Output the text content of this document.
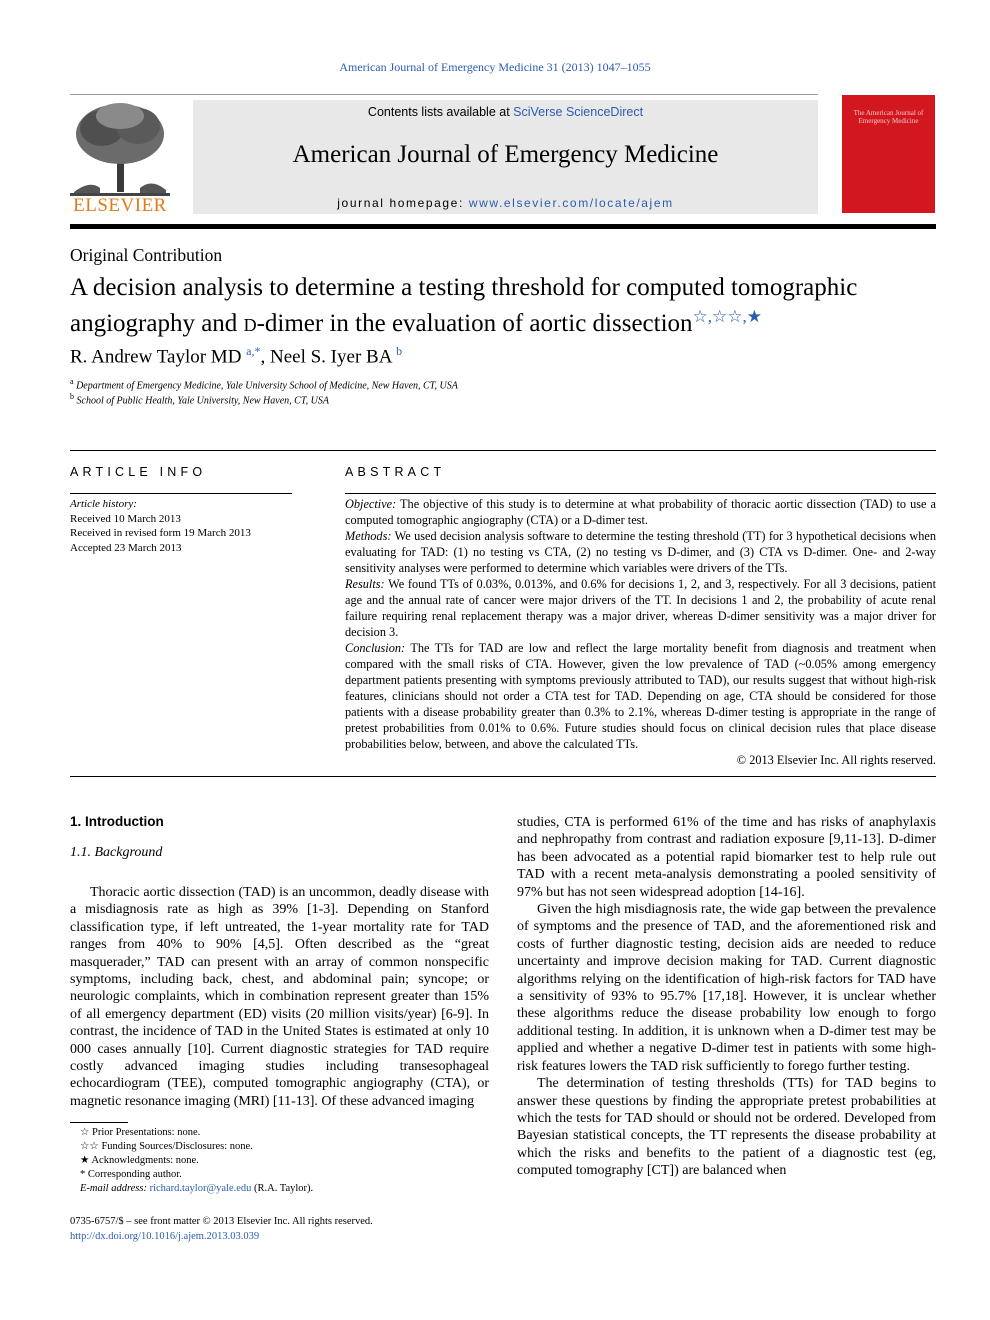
American Journal of Emergency Medicine 31 (2013) 1047–1055
ELSEVIER
Contents lists available at SciVerse ScienceDirect
American Journal of Emergency Medicine
journal homepage: www.elsevier.com/locate/ajem
The American Journal of Emergency Medicine
Original Contribution
A decision analysis to determine a testing threshold for computed tomographic
angiography and d-dimer in the evaluation of aortic dissection☆,☆☆,★
R. Andrew Taylor MD $^{a,*}$, Neel S. Iyer BA $^b$
$^a$ Department of Emergency Medicine, Yale University School of Medicine, New Haven, CT, USA
$^b$ School of Public Health, Yale University, New Haven, CT, USA
ARTICLE INFO	ABSTRACT
Article history:
Received 10 March 2013
Received in revised form 19 March 2013
Accepted 23 March 2013

Objective: The objective of this study is to determine at what probability of thoracic aortic dissection (TAD) to use a computed tomographic angiography (CTA) or a D-dimer test.

Methods: We used decision analysis software to determine the testing threshold (TT) for 3 hypothetical decisions when evaluating for TAD: (1) no testing vs CTA, (2) no testing vs D-dimer, and (3) CTA vs D-dimer. One- and 2-way sensitivity analyses were performed to determine which variables were drivers of the TTs.

Results: We found TTs of 0.03%, 0.013%, and 0.6% for decisions 1, 2, and 3, respectively. For all 3 decisions, patient age and the annual rate of cancer were major drivers of the TT. In decisions 1 and 2, the probability of acute renal failure requiring renal replacement therapy was a major driver, whereas D-dimer sensitivity was a major driver for decision 3.

Conclusion: The TTs for TAD are low and reflect the large mortality benefit from diagnosis and treatment when compared with the small risks of CTA. However, given the low prevalence of TAD (~0.05% among emergency department patients presenting with symptoms previously attributed to TAD), our results suggest that without high-risk features, clinicians should not order a CTA test for TAD. Depending on age, CTA should be considered for those patients with a disease probability greater than 0.3% to 2.1%, whereas D-dimer testing is appropriate in the range of pretest probabilities from 0.01% to 0.6%. Future studies should focus on clinical decision rules that place disease probabilities below, between, and above the calculated TTs.

© 2013 Elsevier Inc. All rights reserved.

1. Introduction
1.1. Background

Thoracic aortic dissection (TAD) is an uncommon, deadly disease with a misdiagnosis rate as high as 39% [1-3]. Depending on Stanford classification type, if left untreated, the 1-year mortality rate for TAD ranges from 40% to 90% [4,5]. Often described as the “great masquerader,” TAD can present with an array of common nonspecific symptoms, including back, chest, and abdominal pain; syncope; or neurologic complaints, which in combination represent greater than 15% of all emergency department (ED) visits (20 million visits/year) [6-9]. In contrast, the incidence of TAD in the United States is estimated at only 10 000 cases annually [10]. Current diagnostic strategies for TAD require costly advanced imaging studies including transesophageal echocardiogram (TEE), computed tomographic angiography (CTA), or magnetic resonance imaging (MRI) [11-13]. Of these advanced imaging

studies, CTA is performed 61% of the time and has risks of anaphylaxis and nephropathy from contrast and radiation exposure [9,11-13]. D-dimer has been advocated as a potential rapid biomarker test to help rule out TAD with a recent meta-analysis demonstrating a pooled sensitivity of 97% but has not seen widespread adoption [14-16].

Given the high misdiagnosis rate, the wide gap between the prevalence of symptoms and the presence of TAD, and the aforementioned risk and costs of further diagnostic testing, decision aids are needed to reduce uncertainty and improve decision making for TAD. Current diagnostic algorithms relying on the identification of high-risk factors for TAD have a sensitivity of 93% to 95.7% [17,18]. However, it is unclear whether these algorithms reduce the disease probability low enough to forgo additional testing. In addition, it is unknown when a D-dimer test may be applied and whether a negative D-dimer test in patients with some high-risk features lowers the TAD risk sufficiently to forego further testing.

The determination of testing thresholds (TTs) for TAD begins to answer these questions by finding the appropriate pretest probabilities at which the tests for TAD should or should not be ordered. Developed from Bayesian statistical concepts, the TT represents the disease probability at which the risks and benefits to the patient of a diagnostic test (eg, computed tomography [CT]) are balanced when

☆ Prior Presentations: none.
☆☆ Funding Sources/Disclosures: none.
★ Acknowledgments: none.
* Corresponding author.
E-mail address: richard.taylor@yale.edu (R.A. Taylor).
0735-6757/$ – see front matter © 2013 Elsevier Inc. All rights reserved.
http://dx.doi.org/10.1016/j.ajem.2013.03.039
